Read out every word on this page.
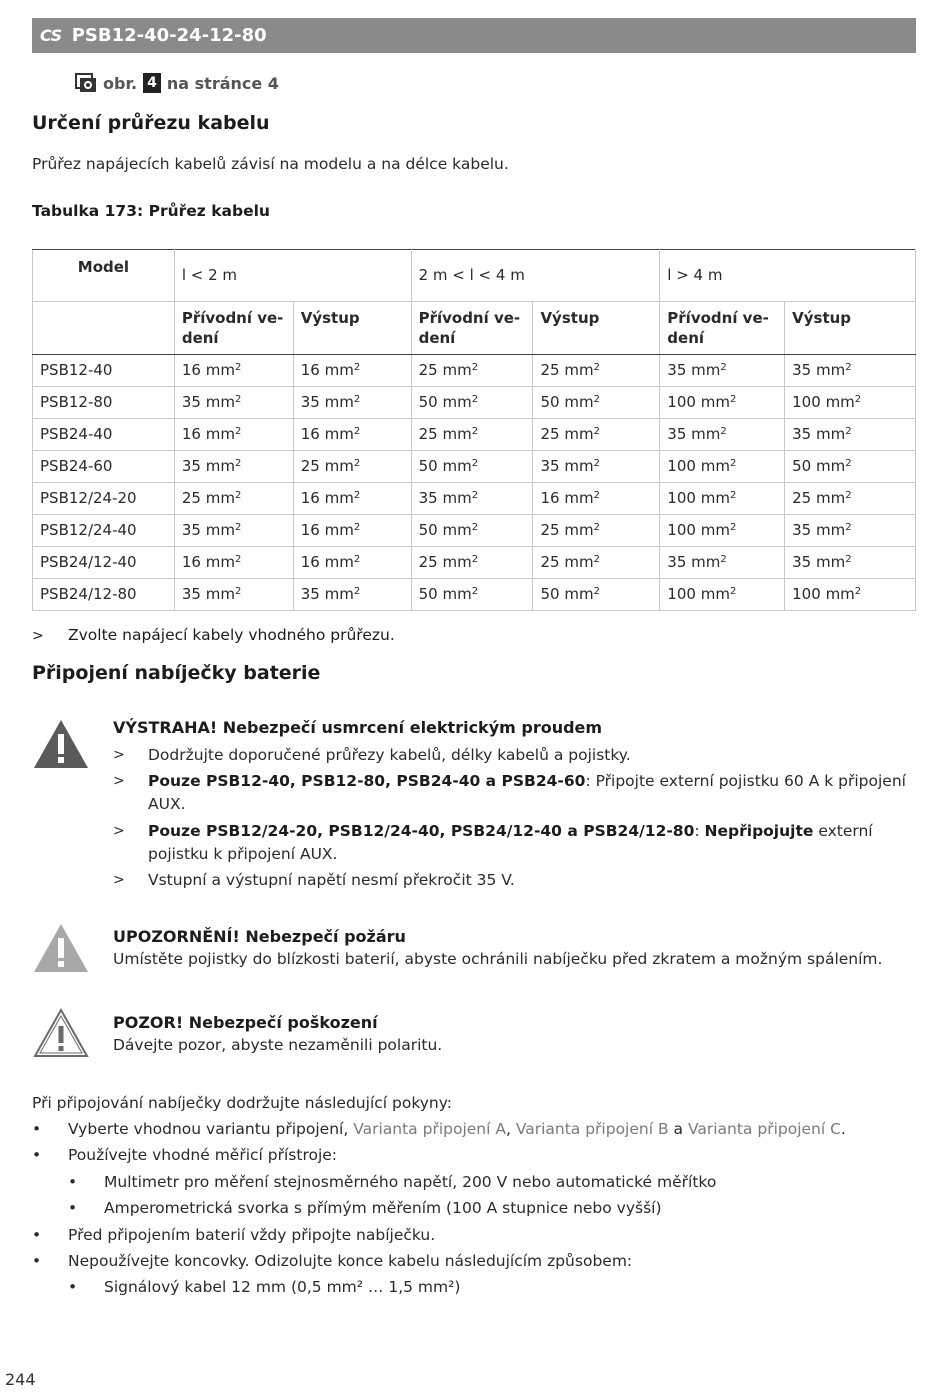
CS PSB12-40-24-12-80
obr. 4 na stránce 4
Určení průřezu kabelu
Průřez napájecích kabelů závisí na modelu a na délce kabelu.
Tabulka 173: Průřez kabelu
Model	l < 2 m		2 m < l < 4 m		l > 4 m	
	Přívodní ve-
dení	Výstup	Přívodní ve-
dení	Výstup	Přívodní ve-
dení	Výstup
PSB12-40	16 $mm^2$	16 $mm^2$	25 $mm^2$	25 $mm^2$	35 $mm^2$	35 $mm^2$
PSB12-80	35 $mm^2$	35 $mm^2$	50 $mm^2$	50 $mm^2$	100 $mm^2$	100 $mm^2$
PSB24-40	16 $mm^2$	16 $mm^2$	25 $mm^2$	25 $mm^2$	35 $mm^2$	35 $mm^2$
PSB24-60	35 $mm^2$	25 $mm^2$	50 $mm^2$	35 $mm^2$	100 $mm^2$	50 $mm^2$
PSB12/24-20	25 $mm^2$	16 $mm^2$	35 $mm^2$	16 $mm^2$	100 $mm^2$	25 $mm^2$
PSB12/24-40	35 $mm^2$	16 $mm^2$	50 $mm^2$	25 $mm^2$	100 $mm^2$	35 $mm^2$
PSB24/12-40	16 $mm^2$	16 $mm^2$	25 $mm^2$	25 $mm^2$	35 $mm^2$	35 $mm^2$
PSB24/12-80	35 $mm^2$	35 $mm^2$	50 $mm^2$	50 $mm^2$	100 $mm^2$	100 $mm^2$
>	Zvolte napájecí kabely vhodného průřezu.
Připojení nabíječky baterie
VÝSTRAHA! Nebezpečí usmrcení elektrickým proudem
>	Dodržujte doporučené průřezy kabelů, délky kabelů a pojistky.
>	Pouze PSB12-40, PSB12-80, PSB24-40 a PSB24-60: Připojte externí pojistku 60 A k připojení AUX.
>	Pouze PSB12/24-20, PSB12/24-40, PSB24/12-40 a PSB24/12-80: Nepřipojujte externí pojistku k připojení AUX.
>	Vstupní a výstupní napětí nesmí překročit 35 V.
UPOZORNĚNÍ! Nebezpečí požáru
Umístěte pojistky do blízkosti baterií, abyste ochránili nabíječku před zkratem a možným spálením.
POZOR! Nebezpečí poškození
Dávejte pozor, abyste nezaměnili polaritu.
Při připojování nabíječky dodržujte následující pokyny:
•	Vyberte vhodnou variantu připojení, Varianta připojení A, Varianta připojení B a Varianta připojení C.
•	Používejte vhodné měřicí přístroje:
•	Multimetr pro měření stejnosměrného napětí, 200 V nebo automatické měřítko
•	Amperometrická svorka s přímým měřením (100 A stupnice nebo vyšší)
•	Před připojením baterií vždy připojte nabíječku.
•	Nepoužívejte koncovky. Odizolujte konce kabelu následujícím způsobem:
•	Signálový kabel 12 mm (0,5 mm² … 1,5 mm²)
244
